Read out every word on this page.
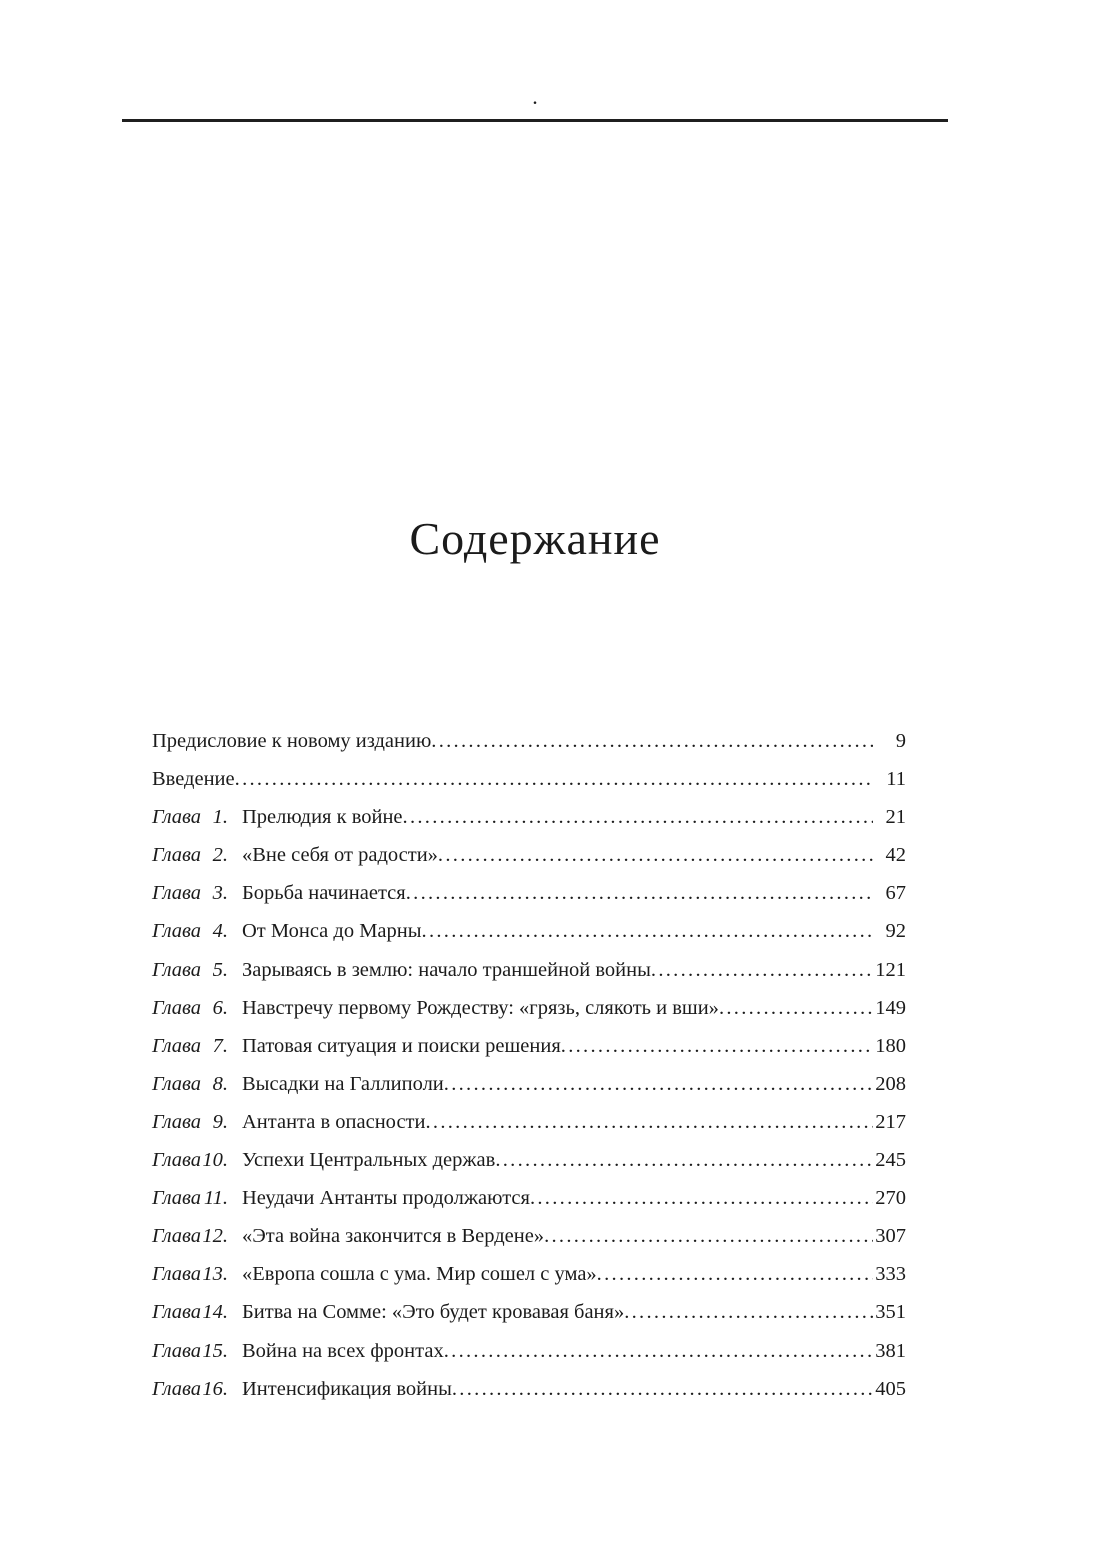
.
Содержание
Предисловие к новому изданию .....	9
Введение .....	11
Глава 1. Прелюдия к войне .....	21
Глава 2. «Вне себя от радости» .....	42
Глава 3. Борьба начинается .....	67
Глава 4. От Монса до Марны .....	92
Глава 5. Зарываясь в землю: начало траншейной войны .....	121
Глава 6. Навстречу первому Рождеству: «грязь, слякоть и вши» .....	149
Глава 7. Патовая ситуация и поиски решения .....	180
Глава 8. Высадки на Галлиполи .....	208
Глава 9. Антанта в опасности .....	217
Глава 10. Успехи Центральных держав .....	245
Глава 11. Неудачи Антанты продолжаются .....	270
Глава 12. «Эта война закончится в Вердене» .....	307
Глава 13. «Европа сошла с ума. Мир сошел с ума» .....	333
Глава 14. Битва на Сомме: «Это будет кровавая баня» .....	351
Глава 15. Война на всех фронтах .....	381
Глава 16. Интенсификация войны .....	405
